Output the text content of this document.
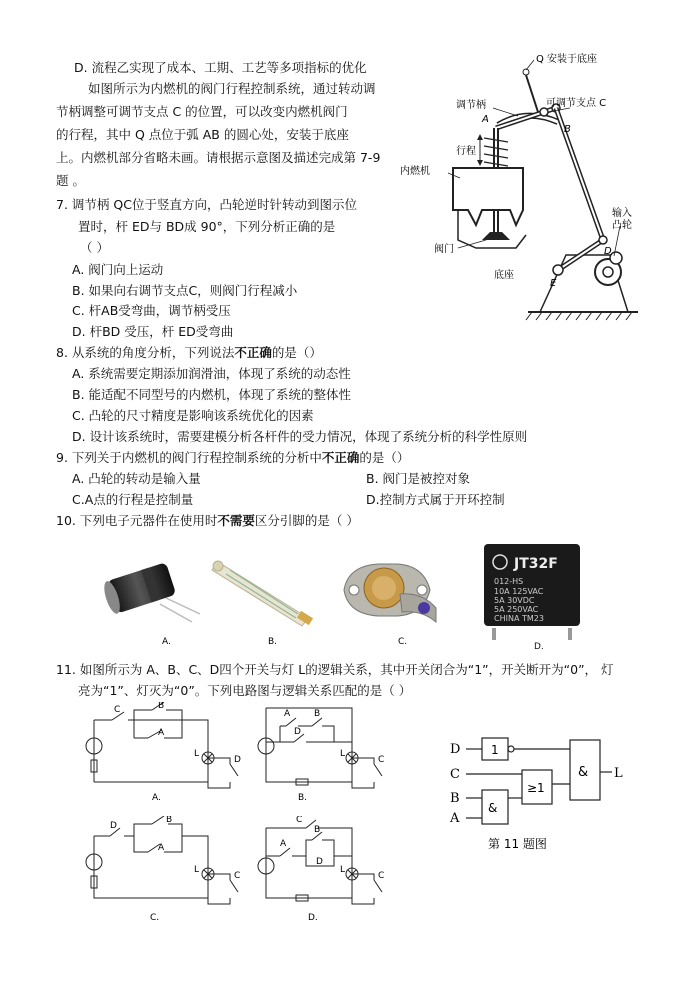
D. 流程乙实现了成本、工期、工艺等多项指标的优化
如图所示为内燃机的阀门行程控制系统，通过转动调
节柄调整可调节支点 C 的位置，可以改变内燃机阀门
的行程，其中 Q 点位于弧 AB 的圆心处，安装于底座
上。内燃机部分省略未画。请根据示意图及描述完成第 7-9
题 。
Q 安装于底座
调节柄	可调节支点 C
行程
内燃机
阀门
输入
凸轮
底座
A
B
D
E
7. 调节柄 QC位于竖直方向，凸轮逆时针转动到图示位
置时，杆 ED与 BD成 90°，下列分析正确的是
（ ）
A. 阀门向上运动
B. 如果向右调节支点C，则阀门行程减小
C. 杆AB受弯曲，调节柄受压
D. 杆BD 受压，杆 ED受弯曲
8. 从系统的角度分析，下列说法不正确的是（）
A. 系统需要定期添加润滑油，体现了系统的动态性
B. 能适配不同型号的内燃机，体现了系统的整体性
C. 凸轮的尺寸精度是影响该系统优化的因素
D. 设计该系统时，需要建模分析各杆件的受力情况，体现了系统分析的科学性原则
9. 下列关于内燃机的阀门行程控制系统的分析中不正确的是（）
A. 凸轮的转动是输入量	B. 阀门是被控对象
C.A点的行程是控制量	D.控制方式属于开环控制
10. 下列电子元器件在使用时不需要区分引脚的是（ ）
A.	B.	C.
JT32F
012-HS
10A 125VAC
5A 30VDC
5A 250VAC
CHINA TM23
D.
11. 如图所示为 A、B、C、D四个开关与灯 L的逻辑关系，其中开关闭合为“1”，开关断开为“0”， 灯
亮为“1”、灯灭为“0”。下列电路图与逻辑关系匹配的是（ ）
C	B
A
L
D
A.
A	B
D
L
C
B.
D
C
B
A
1
≥1
&
& L
第 11 题图
D
B
A
L
C
C.
C
A
B
D
L
C
D.
